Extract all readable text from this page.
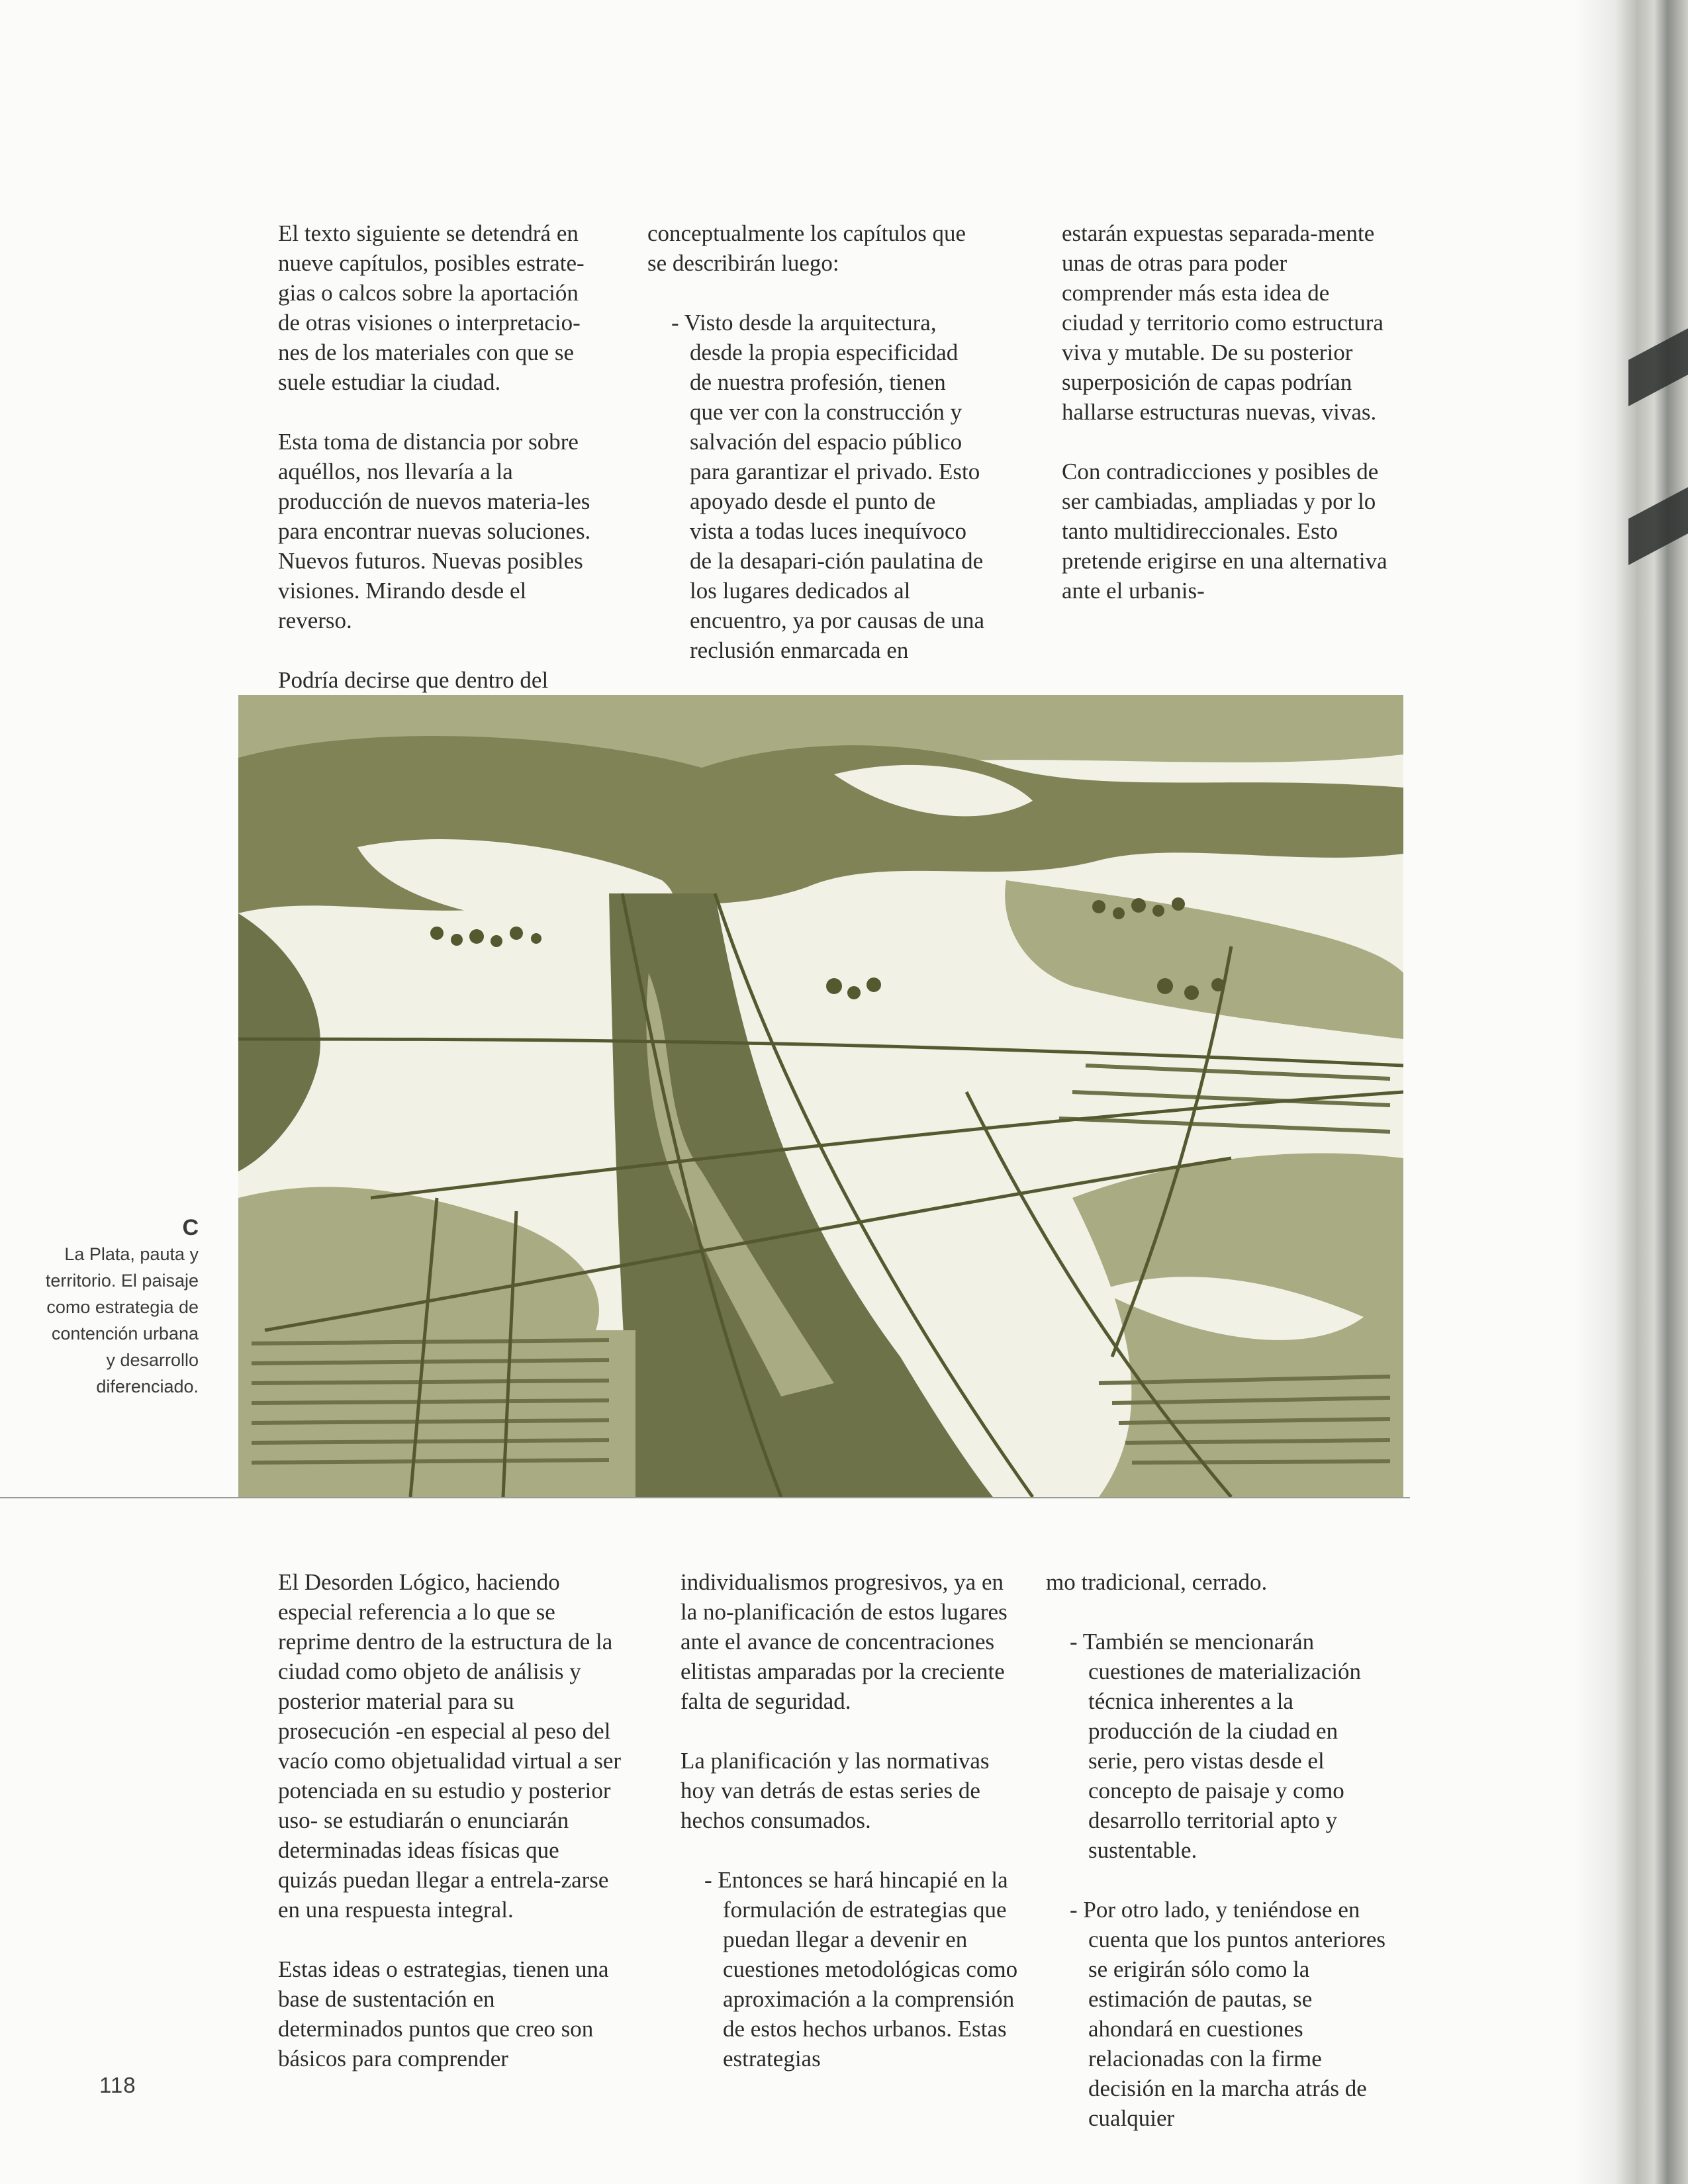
El texto siguiente se detendrá en nueve capítulos, posibles estrate-gias o calcos sobre la aportación de otras visiones o interpretacio-nes de los materiales con que se suele estudiar la ciudad.

Esta toma de distancia por sobre aquéllos, nos llevaría a la producción de nuevos materia-les para encontrar nuevas soluciones. Nuevos futuros. Nuevas posibles visiones. Mirando desde el reverso.

Podría decirse que dentro del

conceptualmente los capítulos que se describirán luego:

- Visto desde la arquitectura, desde la propia especificidad de nuestra profesión, tienen que ver con la construcción y salvación del espacio público para garantizar el privado. Esto apoyado desde el punto de vista a todas luces inequívoco de la desapari-ción paulatina de los lugares dedicados al encuentro, ya por causas de una reclusión enmarcada en

estarán expuestas separada-mente unas de otras para poder comprender más esta idea de ciudad y territorio como estructura viva y mutable. De su posterior superposición de capas podrían hallarse estructuras nuevas, vivas.

Con contradicciones y posibles de ser cambiadas, ampliadas y por lo tanto multidireccionales. Esto pretende erigirse en una alternativa ante el urbanis-

C
La Plata, pauta y territorio. El paisaje como estrategia de contención urbana y desarrollo diferenciado.

El Desorden Lógico, haciendo especial referencia a lo que se reprime dentro de la estructura de la ciudad como objeto de análisis y posterior material para su prosecución -en especial al peso del vacío como objetualidad virtual a ser potenciada en su estudio y posterior uso- se estudiarán o enunciarán determinadas ideas físicas que quizás puedan llegar a entrela-zarse en una respuesta integral.

Estas ideas o estrategias, tienen una base de sustentación en determinados puntos que creo son básicos para comprender

individualismos progresivos, ya en la no-planificación de estos lugares ante el avance de concentraciones elitistas amparadas por la creciente falta de seguridad.

La planificación y las normativas hoy van detrás de estas series de hechos consumados.

- Entonces se hará hincapié en la formulación de estrategias que puedan llegar a devenir en cuestiones metodológicas como aproximación a la comprensión de estos hechos urbanos. Estas estrategias

mo tradicional, cerrado.

- También se mencionarán cuestiones de materialización técnica inherentes a la producción de la ciudad en serie, pero vistas desde el concepto de paisaje y como desarrollo territorial apto y sustentable.

- Por otro lado, y teniéndose en cuenta que los puntos anteriores se erigirán sólo como la estimación de pautas, se ahondará en cuestiones relacionadas con la firme decisión en la marcha atrás de cualquier

118
